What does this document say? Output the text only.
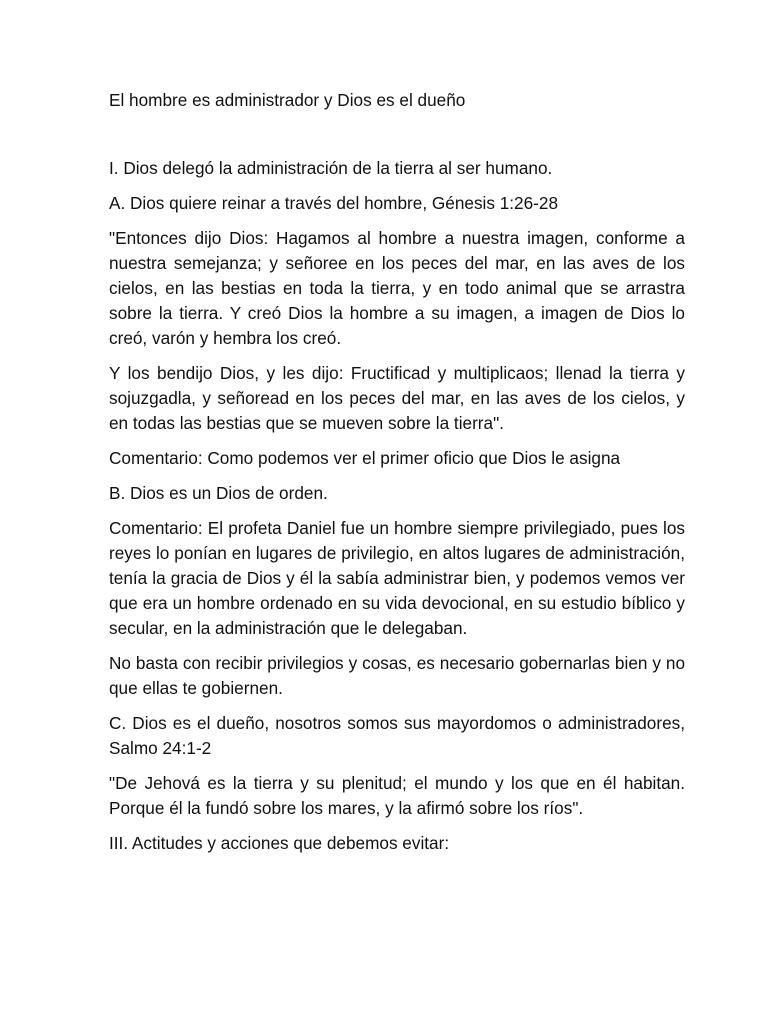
El hombre es administrador y Dios es el dueño

I. Dios delegó la administración de la tierra al ser humano.

A. Dios quiere reinar a través del hombre, Génesis 1:26-28

"Entonces dijo Dios: Hagamos al hombre a nuestra imagen, conforme a nuestra semejanza; y señoree en los peces del mar, en las aves de los cielos, en las bestias en toda la tierra, y en todo animal que se arrastra sobre la tierra. Y creó Dios la hombre a su imagen, a imagen de Dios lo creó, varón y hembra los creó.

Y los bendijo Dios, y les dijo: Fructificad y multiplicaos; llenad la tierra y sojuzgadla, y señoread en los peces del mar, en las aves de los cielos, y en todas las bestias que se mueven sobre la tierra".

Comentario: Como podemos ver el primer oficio que Dios le asigna

B. Dios es un Dios de orden.

Comentario: El profeta Daniel fue un hombre siempre privilegiado, pues los reyes lo ponían en lugares de privilegio, en altos lugares de administración, tenía la gracia de Dios y él la sabía administrar bien, y podemos vemos ver que era un hombre ordenado en su vida devocional, en su estudio bíblico y secular, en la administración que le delegaban.

No basta con recibir privilegios y cosas, es necesario gobernarlas bien y no que ellas te gobiernen.

C. Dios es el dueño, nosotros somos sus mayordomos o administradores, Salmo 24:1-2

"De Jehová es la tierra y su plenitud; el mundo y los que en él habitan. Porque él la fundó sobre los mares, y la afirmó sobre los ríos".

III. Actitudes y acciones que debemos evitar:
